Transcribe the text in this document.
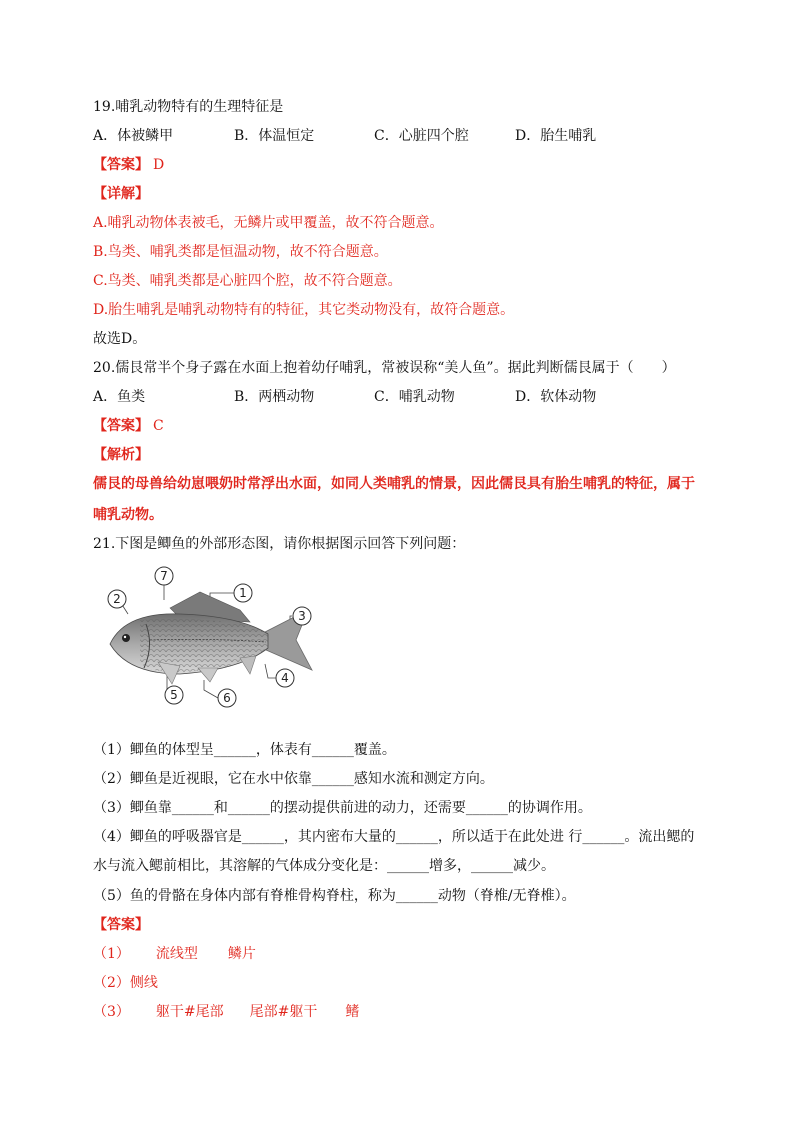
19.哺乳动物特有的生理特征是
A．体被鳞甲	B．体温恒定	C．心脏四个腔	D．胎生哺乳
【答案】 D
【详解】
A.哺乳动物体表被毛，无鳞片或甲覆盖，故不符合题意。
B.鸟类、哺乳类都是恒温动物，故不符合题意。
C.鸟类、哺乳类都是心脏四个腔，故不符合题意。
D.胎生哺乳是哺乳动物特有的特征，其它类动物没有，故符合题意。
故选D。
20.儒艮常半个身子露在水面上抱着幼仔哺乳，常被误称“美人鱼”。据此判断儒艮属于（　　）
A．鱼类	B．两栖动物	C．哺乳动物	D．软体动物
【答案】 C
【解析】
儒艮的母兽给幼崽喂奶时常浮出水面，如同人类哺乳的情景，因此儒艮具有胎生哺乳的特征，属于
哺乳动物。
21.下图是鲫鱼的外部形态图，请你根据图示回答下列问题：
2
7
1
3
4
5	6
（1）鲫鱼的体型呈______，体表有______覆盖。
（2）鲫鱼是近视眼，它在水中依靠______感知水流和测定方向。
（3）鲫鱼靠______和______的摆动提供前进的动力，还需要______的协调作用。
（4）鲫鱼的呼吸器官是______，其内密布大量的______，所以适于在此处进 行______。流出鳃的
水与流入鳃前相比，其溶解的气体成分变化是：______增多，______减少。
（5）鱼的骨骼在身体内部有脊椎骨构脊柱，称为______动物（脊椎/无脊椎）。
【答案】
（1） 流线型 鳞片
（2）侧线
（3） 躯干#尾部 尾部#躯干 鳍
